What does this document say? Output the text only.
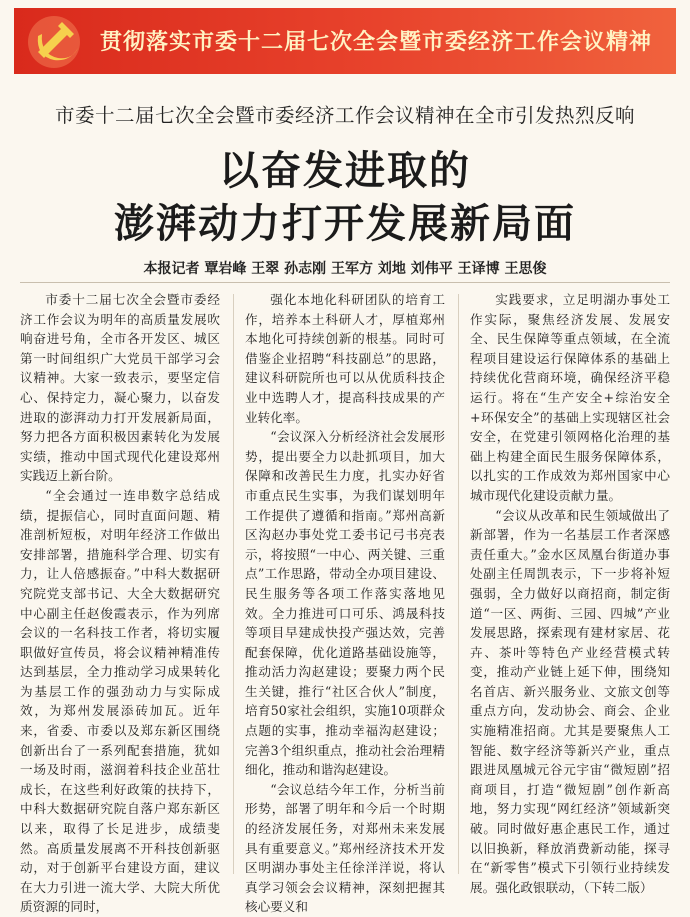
贯彻落实市委十二届七次全会暨市委经济工作会议精神
市委十二届七次全会暨市委经济工作会议精神在全市引发热烈反响
以奋发进取的
澎湃动力打开发展新局面
本报记者 覃岩峰 王翠 孙志刚 王军方 刘地 刘伟平 王译博 王思俊

市委十二届七次全会暨市委经济工作会议为明年的高质量发展吹响奋进号角，全市各开发区、城区第一时间组织广大党员干部学习会议精神。大家一致表示，要坚定信心、保持定力，凝心聚力，以奋发进取的澎湃动力打开发展新局面，努力把各方面积极因素转化为发展实绩，推动中国式现代化建设郑州实践迈上新台阶。

“全会通过一连串数字总结成绩，提振信心，同时直面问题、精准剖析短板，对明年经济工作做出安排部署，措施科学合理、切实有力，让人倍感振奋。”中科大数据研究院党支部书记、大全大数据研究中心副主任赵俊霞表示，作为列席会议的一名科技工作者，将切实履职做好宣传员，将会议精神精准传达到基层，全力推动学习成果转化为基层工作的强劲动力与实际成效，为郑州发展添砖加瓦。近年来，省委、市委以及郑东新区围绕创新出台了一系列配套措施，犹如一场及时雨，滋润着科技企业茁壮成长，在这些利好政策的扶持下，中科大数据研究院自落户郑东新区以来，取得了长足进步，成绩斐然。高质量发展离不开科技创新驱动，对于创新平台建设方面，建议在大力引进一流大学、大院大所优质资源的同时，

强化本地化科研团队的培育工作，培养本土科研人才，厚植郑州本地化可持续创新的根基。同时可借鉴企业招聘“科技副总”的思路，建议科研院所也可以从优质科技企业中选聘人才，提高科技成果的产业转化率。

“会议深入分析经济社会发展形势，提出要全力以赴抓项目，加大保障和改善民生力度，扎实办好省市重点民生实事，为我们谋划明年工作提供了遵循和指南。”郑州高新区沟赵办事处党工委书记弓书亮表示，将按照“一中心、两关键、三重点”工作思路，带动全办项目建设、民生服务等各项工作落实落地见效。全力推进可口可乐、鸿晟科技等项目早建成快投产强达效，完善配套保障，优化道路基础设施等，推动活力沟赵建设；要聚力两个民生关键，推行“社区合伙人”制度，培育50家社会组织，实施10项群众点题的实事，推动幸福沟赵建设；完善3个组织重点，推动社会治理精细化，推动和谐沟赵建设。

“会议总结今年工作，分析当前形势，部署了明年和今后一个时期的经济发展任务，对郑州未来发展具有重要意义。”郑州经济技术开发区明湖办事处主任徐洋洋说，将认真学习领会会议精神，深刻把握其核心要义和

实践要求，立足明湖办事处工作实际，聚焦经济发展、发展安全、民生保障等重点领域，在全流程项目建设运行保障体系的基础上持续优化营商环境，确保经济平稳运行。将在“生产安全+综治安全+环保安全”的基础上实现辖区社会安全，在党建引领网格化治理的基础上构建全面民生服务保障体系，以扎实的工作成效为郑州国家中心城市现代化建设贡献力量。

“会议从改革和民生领域做出了新部署，作为一名基层工作者深感责任重大。”金水区凤凰台街道办事处副主任周凯表示，下一步将补短强弱，全力做好以商招商，制定街道“一区、两街、三园、四城”产业发展思路，探索现有建材家居、花卉、茶叶等特色产业经营模式转变，推动产业链上延下伸，围绕知名首店、新兴服务业、文旅文创等重点方向，发动协会、商会、企业实施精准招商。尤其是要聚焦人工智能、数字经济等新兴产业，重点跟进凤凰城元谷元宇宙“微短剧”招商项目，打造“微短剧”创作新高地，努力实现“网红经济”领域新突破。同时做好惠企惠民工作，通过以旧换新，释放消费新动能，探寻在“新零售”模式下引领行业持续发展。强化政银联动，（下转二版）
